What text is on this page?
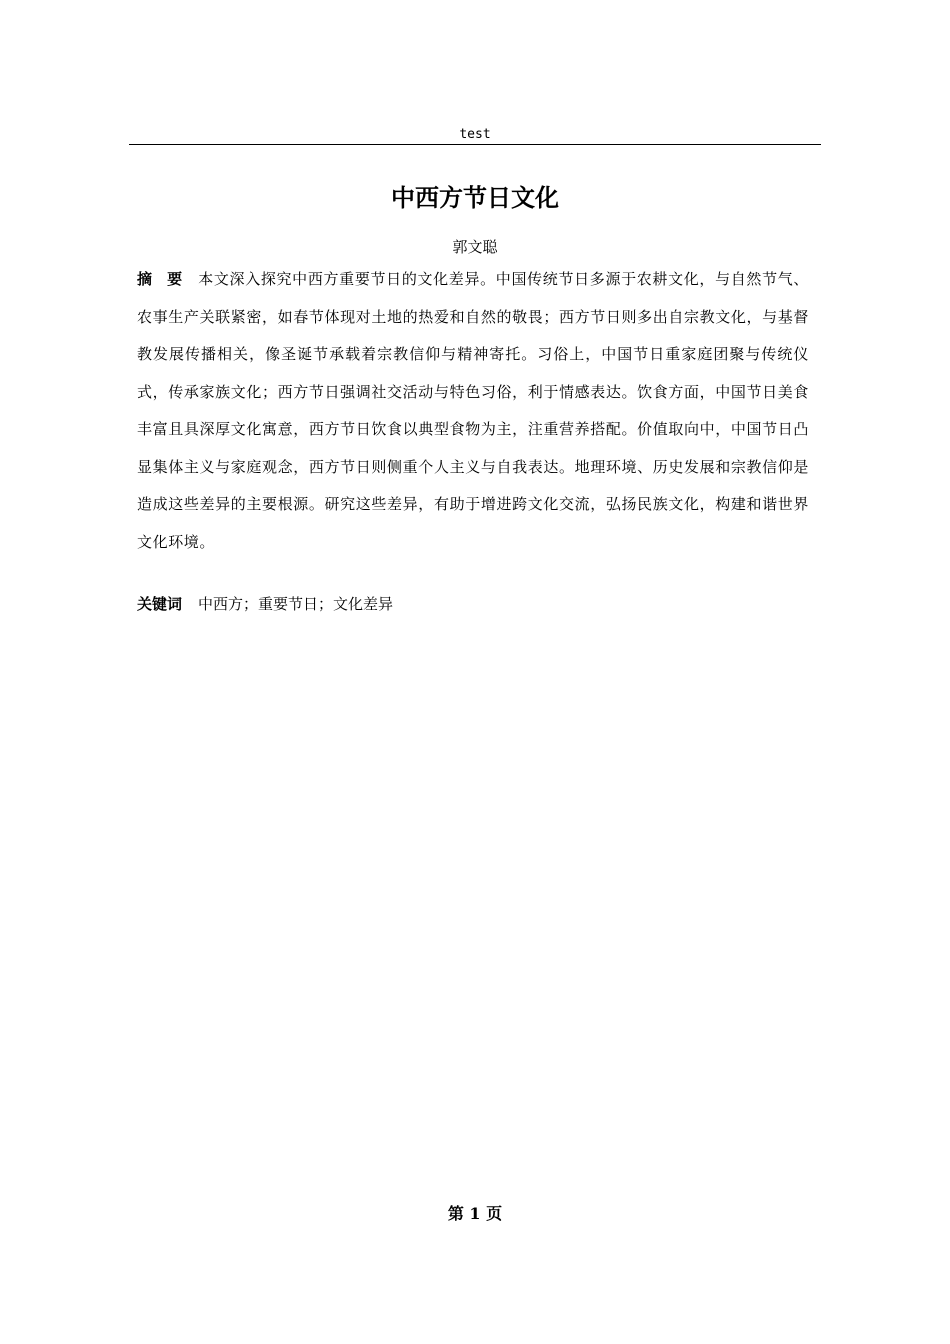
test
中西方节日文化
郭文聪
摘　要 本文深入探究中西方重要节日的文化差异。中国传统节日多源于农耕文化，与自然节气、农事生产关联紧密，如春节体现对土地的热爱和自然的敬畏；西方节日则多出自宗教文化，与基督教发展传播相关，像圣诞节承载着宗教信仰与精神寄托。习俗上，中国节日重家庭团聚与传统仪式，传承家族文化；西方节日强调社交活动与特色习俗，利于情感表达。饮食方面，中国节日美食丰富且具深厚文化寓意，西方节日饮食以典型食物为主，注重营养搭配。价值取向中，中国节日凸显集体主义与家庭观念，西方节日则侧重个人主义与自我表达。地理环境、历史发展和宗教信仰是造成这些差异的主要根源。研究这些差异，有助于增进跨文化交流，弘扬民族文化，构建和谐世界文化环境。
关键词 中西方；重要节日；文化差异
第 1 页
